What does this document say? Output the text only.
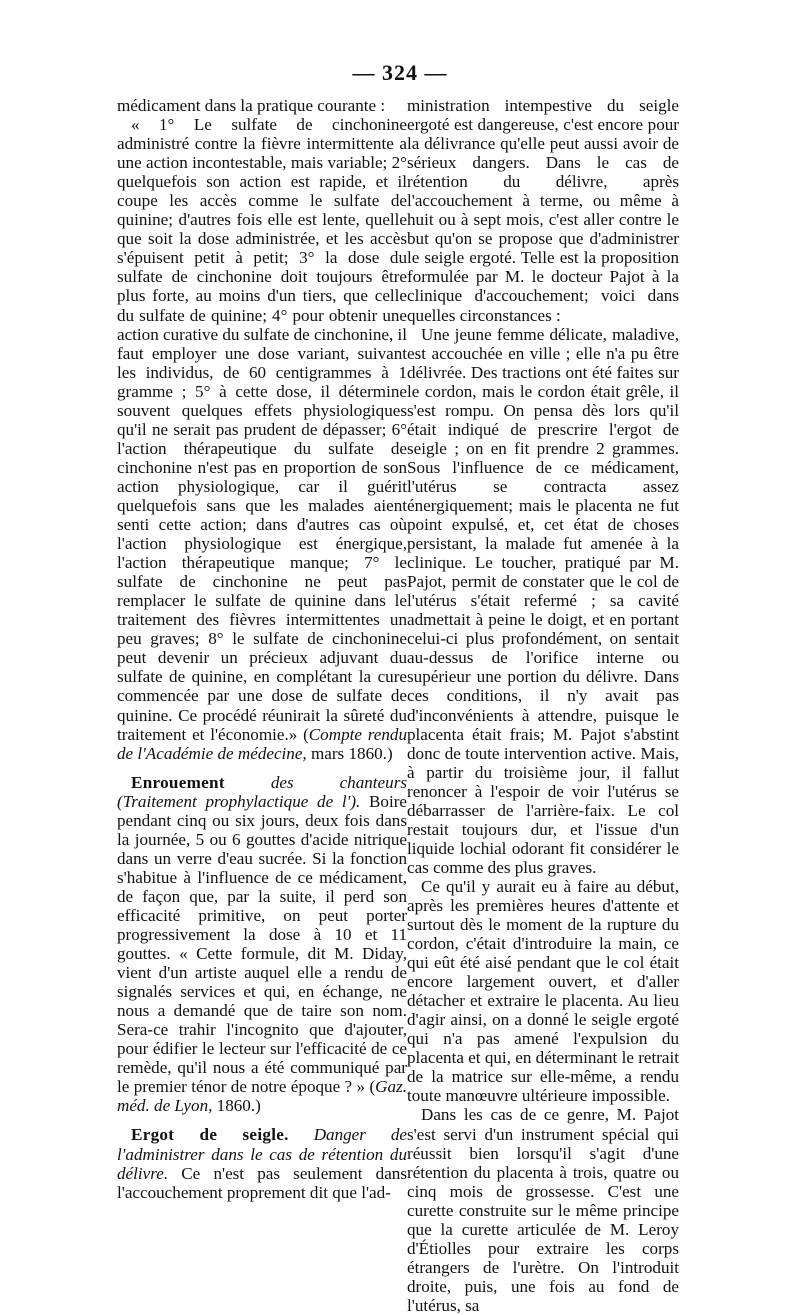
— 324 —

médicament dans la pratique courante :

« 1° Le sulfate de cinchonine administré contre la fièvre intermittente a une action incontestable, mais variable; 2° quelquefois son action est rapide, et il coupe les accès comme le sulfate de quinine; d'autres fois elle est lente, quelle que soit la dose administrée, et les accès s'épuisent petit à petit; 3° la dose du sulfate de cinchonine doit toujours être plus forte, au moins d'un tiers, que celle du sulfate de quinine; 4° pour obtenir une action curative du sulfate de cinchonine, il faut employer une dose variant, suivant les individus, de 60 centigrammes à 1 gramme ; 5° à cette dose, il détermine souvent quelques effets physiologiques qu'il ne serait pas prudent de dépasser; 6° l'action thérapeutique du sulfate de cinchonine n'est pas en proportion de son action physiologique, car il guérit quelquefois sans que les malades aient senti cette action; dans d'autres cas où l'action physiologique est énergique, l'action thérapeutique manque; 7° le sulfate de cinchonine ne peut pas remplacer le sulfate de quinine dans le traitement des fièvres intermittentes un peu graves; 8° le sulfate de cinchonine peut devenir un précieux adjuvant du sulfate de quinine, en complétant la cure commencée par une dose de sulfate de quinine. Ce procédé réunirait la sûreté du traitement et l'économie.» (Compte rendu de l'Académie de médecine, mars 1860.)

Enrouement des chanteurs (Traitement prophylactique de l'). Boire pendant cinq ou six jours, deux fois dans la journée, 5 ou 6 gouttes d'acide nitrique dans un verre d'eau sucrée. Si la fonction s'habitue à l'influence de ce médicament, de façon que, par la suite, il perd son efficacité primitive, on peut porter progressivement la dose à 10 et 11 gouttes. « Cette formule, dit M. Diday, vient d'un artiste auquel elle a rendu de signalés services et qui, en échange, ne nous a demandé que de taire son nom. Sera-ce trahir l'incognito que d'ajouter, pour édifier le lecteur sur l'efficacité de ce remède, qu'il nous a été communiqué par le premier ténor de notre époque ? » (Gaz. méd. de Lyon, 1860.)

Ergot de seigle. Danger de l'administrer dans le cas de rétention du délivre. Ce n'est pas seulement dans l'accouchement proprement dit que l'ad-

ministration intempestive du seigle ergoté est dangereuse, c'est encore pour la délivrance qu'elle peut aussi avoir de sérieux dangers. Dans le cas de rétention du délivre, après l'accouchement à terme, ou même à huit ou à sept mois, c'est aller contre le but qu'on se propose que d'administrer le seigle ergoté. Telle est la proposition formulée par M. le docteur Pajot à la clinique d'accouchement; voici dans quelles circonstances :

Une jeune femme délicate, maladive, est accouchée en ville ; elle n'a pu être délivrée. Des tractions ont été faites sur le cordon, mais le cordon était grêle, il s'est rompu. On pensa dès lors qu'il était indiqué de prescrire l'ergot de seigle ; on en fit prendre 2 grammes. Sous l'influence de ce médicament, l'utérus se contracta assez énergiquement; mais le placenta ne fut point expulsé, et, cet état de choses persistant, la malade fut amenée à la clinique. Le toucher, pratiqué par M. Pajot, permit de constater que le col de l'utérus s'était refermé ; sa cavité admettait à peine le doigt, et en portant celui-ci plus profondément, on sentait au-dessus de l'orifice interne ou supérieur une portion du délivre. Dans ces conditions, il n'y avait pas d'inconvénients à attendre, puisque le placenta était frais; M. Pajot s'abstint donc de toute intervention active. Mais, à partir du troisième jour, il fallut renoncer à l'espoir de voir l'utérus se débarrasser de l'arrière-faix. Le col restait toujours dur, et l'issue d'un liquide lochial odorant fit considérer le cas comme des plus graves.

Ce qu'il y aurait eu à faire au début, après les premières heures d'attente et surtout dès le moment de la rupture du cordon, c'était d'introduire la main, ce qui eût été aisé pendant que le col était encore largement ouvert, et d'aller détacher et extraire le placenta. Au lieu d'agir ainsi, on a donné le seigle ergoté qui n'a pas amené l'expulsion du placenta et qui, en déterminant le retrait de la matrice sur elle-même, a rendu toute manœuvre ultérieure impossible.

Dans les cas de ce genre, M. Pajot s'est servi d'un instrument spécial qui réussit bien lorsqu'il s'agit d'une rétention du placenta à trois, quatre ou cinq mois de grossesse. C'est une curette construite sur le même principe que la curette articulée de M. Leroy d'Étiolles pour extraire les corps étrangers de l'urètre. On l'introduit droite, puis, une fois au fond de l'utérus, sa
